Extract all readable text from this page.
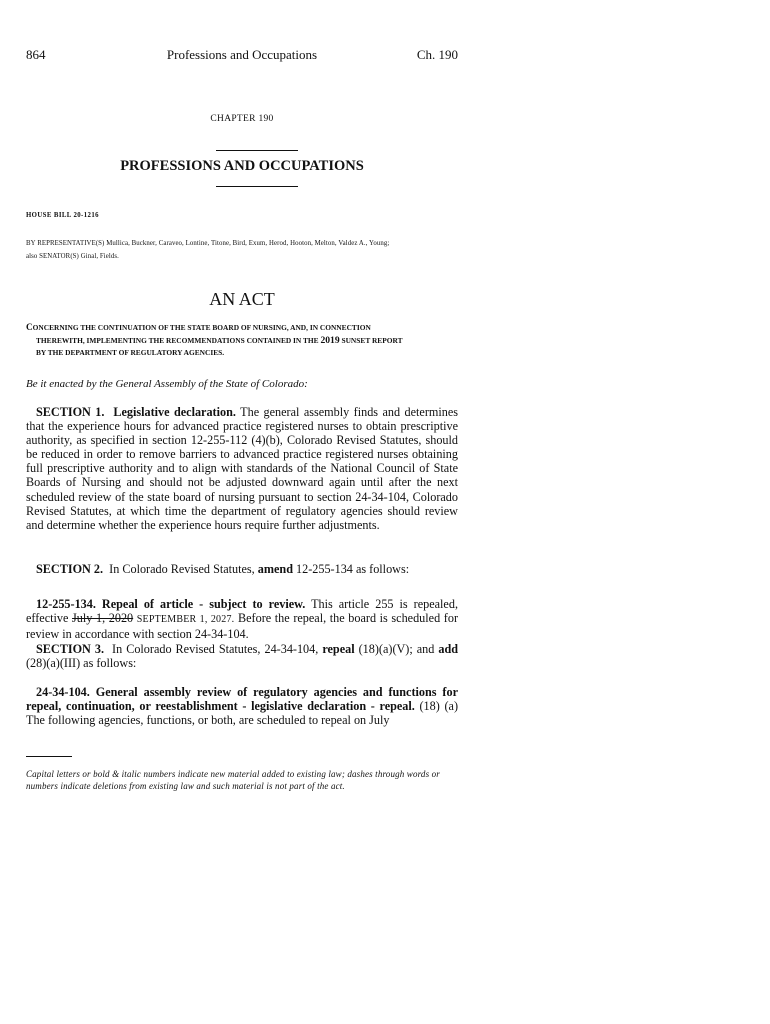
864	Professions and Occupations	Ch. 190
CHAPTER 190
PROFESSIONS AND OCCUPATIONS
HOUSE BILL 20-1216
BY REPRESENTATIVE(S) Mullica, Buckner, Caraveo, Lontine, Titone, Bird, Exum, Herod, Hooton, Melton, Valdez A., Young;
also SENATOR(S) Ginal, Fields.
AN ACT
CONCERNING THE CONTINUATION OF THE STATE BOARD OF NURSING, AND, IN CONNECTION
THEREWITH, IMPLEMENTING THE RECOMMENDATIONS CONTAINED IN THE 2019 SUNSET REPORT
BY THE DEPARTMENT OF REGULATORY AGENCIES.
Be it enacted by the General Assembly of the State of Colorado:
SECTION 1. Legislative declaration. The general assembly finds and determines that the experience hours for advanced practice registered nurses to obtain prescriptive authority, as specified in section 12-255-112 (4)(b), Colorado Revised Statutes, should be reduced in order to remove barriers to advanced practice registered nurses obtaining full prescriptive authority and to align with standards of the National Council of State Boards of Nursing and should not be adjusted downward again until after the next scheduled review of the state board of nursing pursuant to section 24-34-104, Colorado Revised Statutes, at which time the department of regulatory agencies should review and determine whether the experience hours require further adjustments.
SECTION 2. In Colorado Revised Statutes, amend 12-255-134 as follows:
12-255-134. Repeal of article - subject to review. This article 255 is repealed, effective July 1, 2020 SEPTEMBER 1, 2027. Before the repeal, the board is scheduled for review in accordance with section 24-34-104.
SECTION 3. In Colorado Revised Statutes, 24-34-104, repeal (18)(a)(V); and add (28)(a)(III) as follows:
24-34-104. General assembly review of regulatory agencies and functions for repeal, continuation, or reestablishment - legislative declaration - repeal. (18) (a) The following agencies, functions, or both, are scheduled to repeal on July
Capital letters or bold & italic numbers indicate new material added to existing law; dashes through words or numbers indicate deletions from existing law and such material is not part of the act.
